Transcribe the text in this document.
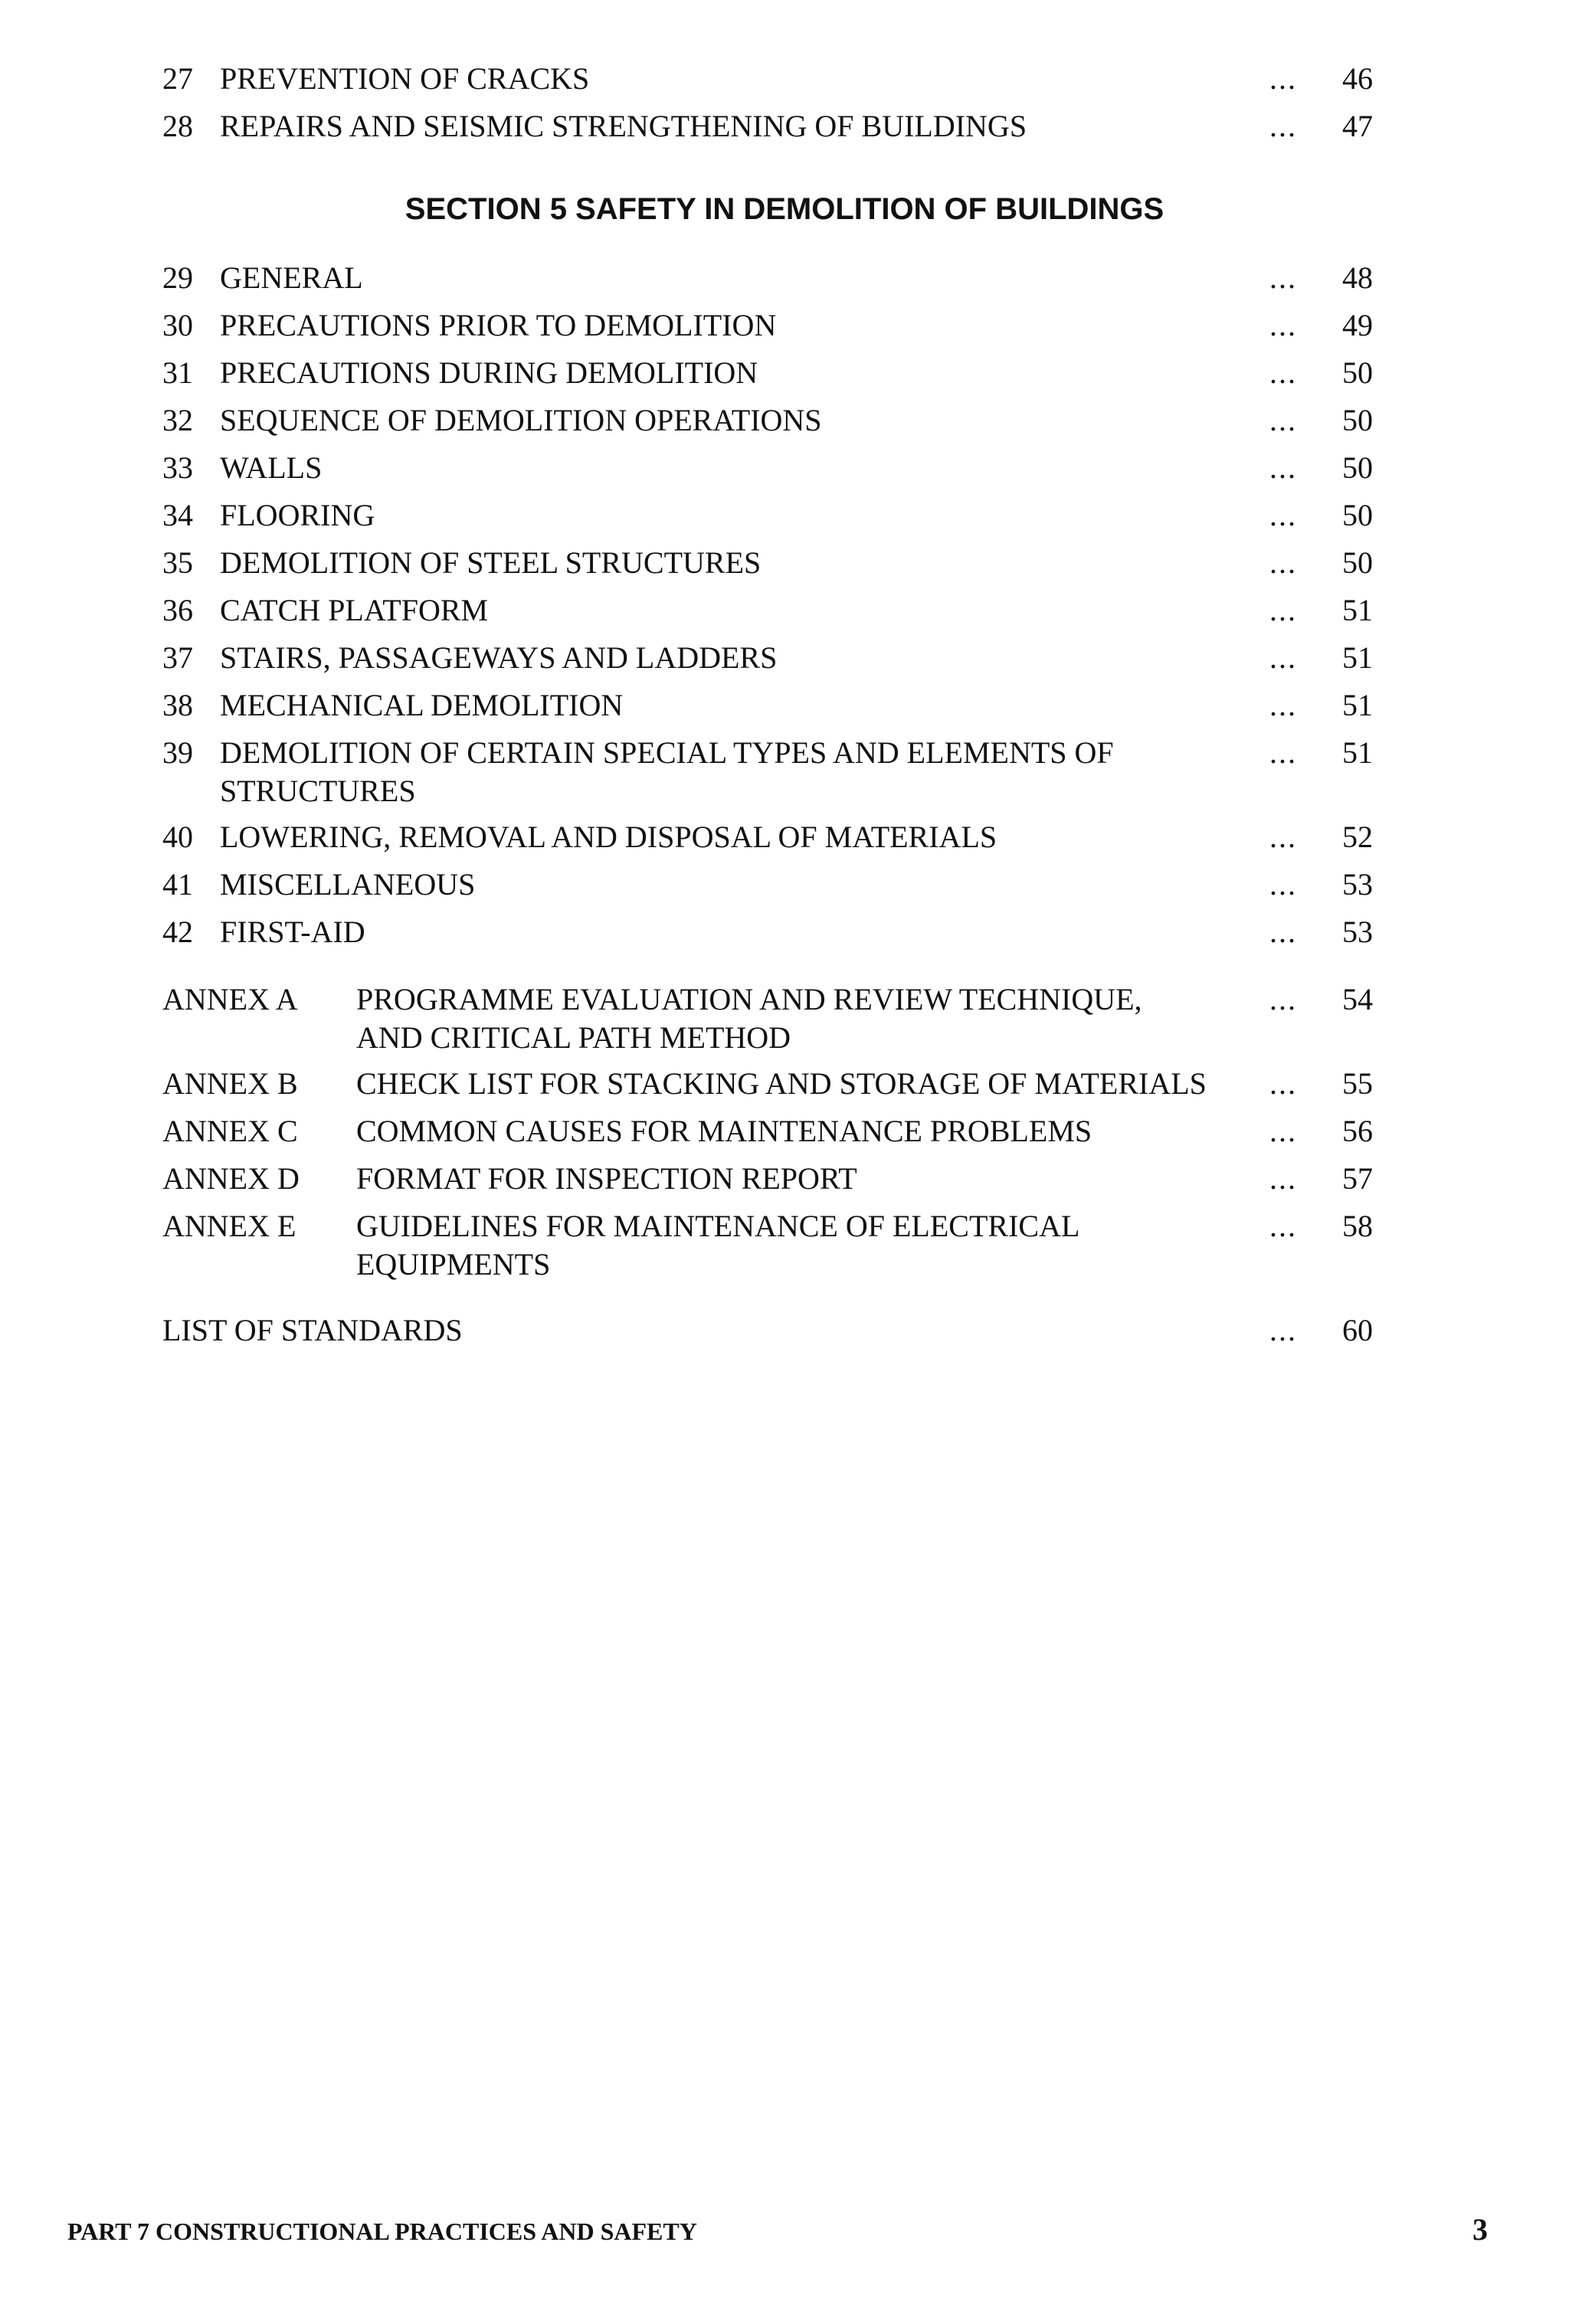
27 PREVENTION OF CRACKS	... 46
28 REPAIRS AND SEISMIC STRENGTHENING OF BUILDINGS	... 47
SECTION 5 SAFETY IN DEMOLITION OF BUILDINGS
29 GENERAL	... 48
30 PRECAUTIONS PRIOR TO DEMOLITION	... 49
31 PRECAUTIONS DURING DEMOLITION	... 50
32 SEQUENCE OF DEMOLITION OPERATIONS	... 50
33 WALLS	... 50
34 FLOORING	... 50
35 DEMOLITION OF STEEL STRUCTURES	... 50
36 CATCH PLATFORM	... 51
37 STAIRS, PASSAGEWAYS AND LADDERS	... 51
38 MECHANICAL DEMOLITION	... 51
39 DEMOLITION OF CERTAIN SPECIAL TYPES AND ELEMENTS OF	... 51
STRUCTURES
40 LOWERING, REMOVAL AND DISPOSAL OF MATERIALS	... 52
41 MISCELLANEOUS	... 53
42 FIRST-AID	... 53
ANNEX A	PROGRAMME EVALUATION AND REVIEW TECHNIQUE,	... 54
AND CRITICAL PATH METHOD
ANNEX B	CHECK LIST FOR STACKING AND STORAGE OF MATERIALS	... 55
ANNEX C	COMMON CAUSES FOR MAINTENANCE PROBLEMS	... 56
ANNEX D	FORMAT FOR INSPECTION REPORT	... 57
ANNEX E	GUIDELINES FOR MAINTENANCE OF ELECTRICAL	... 58
EQUIPMENTS
LIST OF STANDARDS	... 60
PART 7 CONSTRUCTIONAL PRACTICES AND SAFETY	3
